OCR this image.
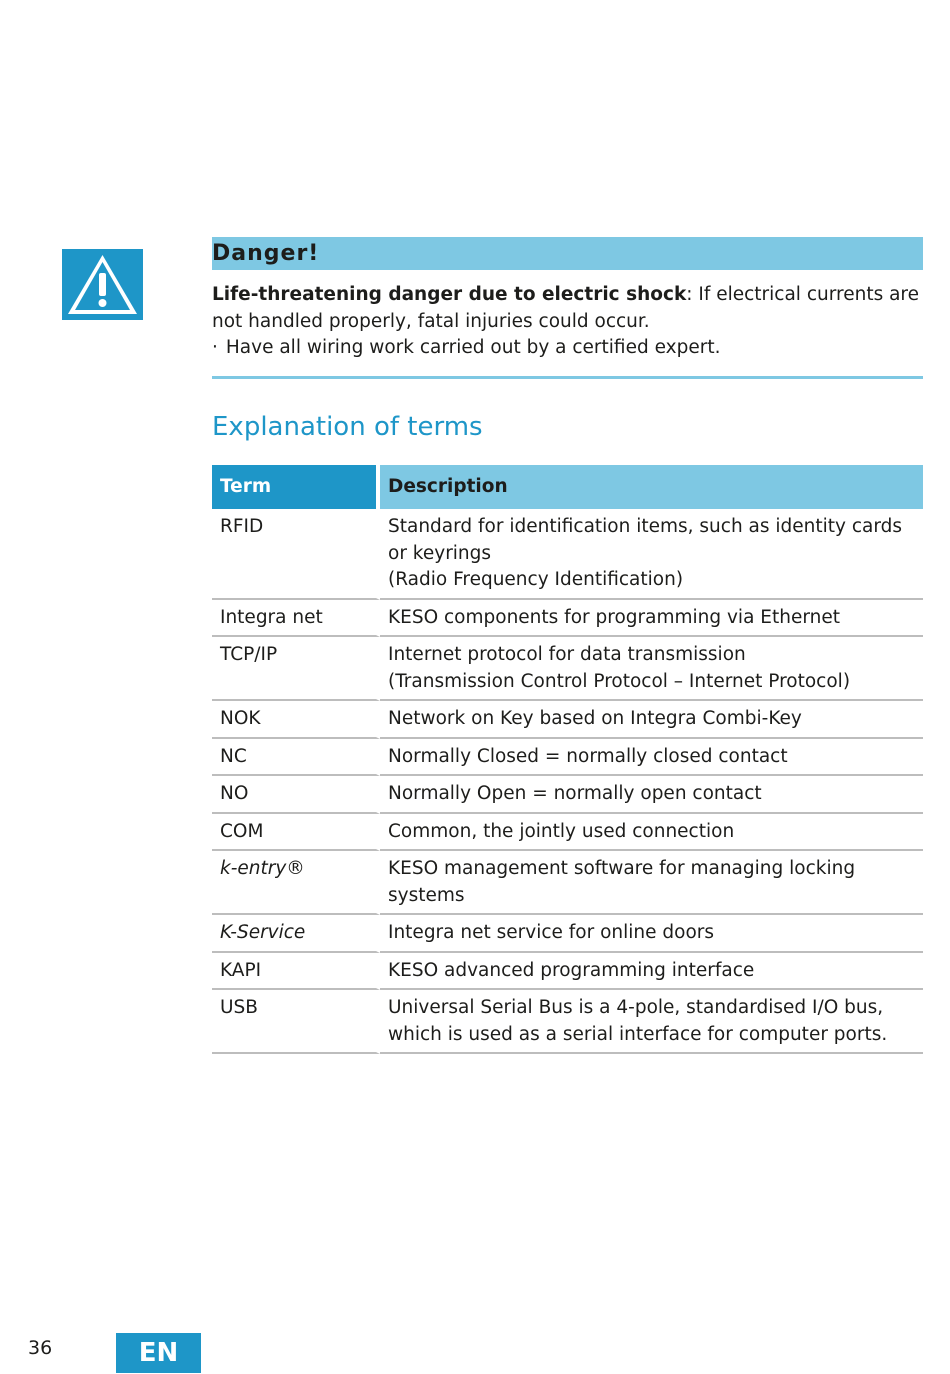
Danger!

Life-threatening danger due to electric shock: If electrical currents are not handled properly, fatal injuries could occur.

· Have all wiring work carried out by a certified expert.

Explanation of terms
Term	Description
RFID	Standard for identification items, such as identity cards or keyrings
(Radio Frequency Identification)

Integra net	KESO components for programming via Ethernet
TCP/IP	Internet protocol for data transmission
(Transmission Control Protocol – Internet Protocol)

NOK	Network on Key based on Integra Combi-Key
NC	Normally Closed = normally closed contact
NO	Normally Open = normally open contact
COM	Common, the jointly used connection
k-entry®	KESO management software for managing locking systems
K-Service	Integra net service for online doors
KAPI	KESO advanced programming interface
USB	Universal Serial Bus is a 4-pole, standardised I/O bus, which is used as a serial interface for computer ports.
36	EN
